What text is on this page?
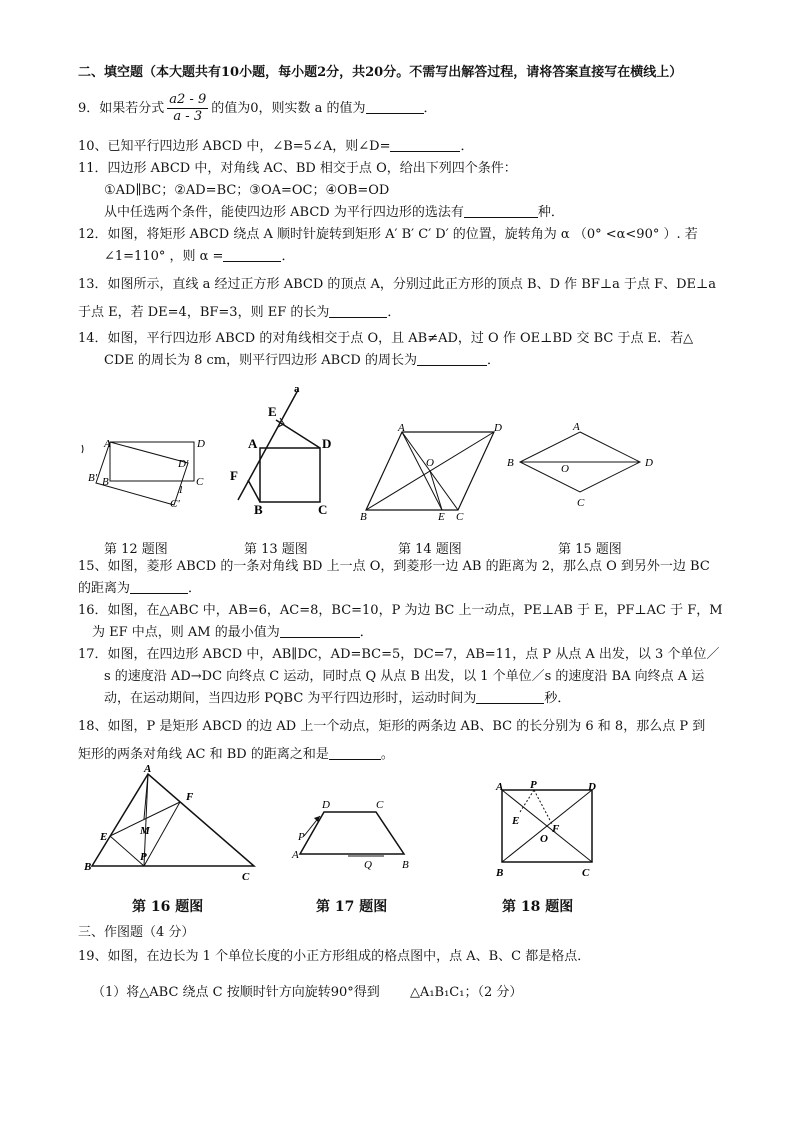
二、填空题（本大题共有10小题，每小题2分，共20分。不需写出解答过程，请将答案直接写在横线上）
9．如果若分式 $\frac{a2 - 9}{a - 3}$ 的值为0，则实数 a 的值为	．
10、已知平行四边形 ABCD 中，∠B=5∠A，则∠D=	．
11．四边形 ABCD 中，对角线 AC、BD 相交于点 O，给出下列四个条件：
①AD∥BC；②AD=BC；③OA=OC；④OB=OD
从中任选两个条件，能使四边形 ABCD 为平行四边形的选法有	种．
12．如图，将矩形 ABCD 绕点 A 顺时针旋转到矩形 A′ B′ C′ D′ 的位置，旋转角为 α （0° <α<90° ）. 若
∠1=110° ，则 α =	．
13．如图所示，直线 a 经过正方形 ABCD 的顶点 A，分别过此正方形的顶点 B、D 作 BF⊥a 于点 F、DE⊥a
于点 E，若 DE=4，BF=3，则 EF 的长为	．
14．如图，平行四边形 ABCD 的对角线相交于点 O，且 AB≠AD，过 O 作 OE⊥BD 交 BC 于点 E．若△
CDE 的周长为 8 cm，则平行四边形 ABCD 的周长为	．
A	D
D'
B' B	C
C'
1
a
E
A	D
F
B	C
A	D
O
B	E C
A
B	O	D
C
第 12 题图	第 13 题图	第 14 题图	第 15 题图
15、如图，菱形 ABCD 的一条对角线 BD 上一点 O，到菱形一边 AB 的距离为 2，那么点 O 到另外一边 BC
的距离为	．
16．如图，在△ABC 中，AB=6，AC=8，BC=10，P 为边 BC 上一动点，PE⊥AB 于 E，PF⊥AC 于 F，M
为 EF 中点，则 AM 的最小值为	．
17．如图，在四边形 ABCD 中，AB∥DC，AD=BC=5，DC=7，AB=11，点 P 从点 A 出发，以 3 个单位／
s 的速度沿 AD→DC 向终点 C 运动，同时点 Q 从点 B 出发，以 1 个单位／s 的速度沿 BA 向终点 A 运
动，在运动期间，当四边形 PQBC 为平行四边形时，运动时间为	秒．
18、如图，P 是矩形 ABCD 的边 AD 上一个动点，矩形的两条边 AB、BC 的长分别为 6 和 8，那么点 P 到
矩形的两条对角线 AC 和 BD 的距离之和是	。
A
F
E	M
B
P
C
D	C
P
A
Q	B
A P	D
E
F
O
B	C
第 16 题图	第 17 题图	第 18 题图
三、作图题（4 分）
19、如图，在边长为 1 个单位长度的小正方形组成的格点图中，点 A、B、C 都是格点．
（1）将△ABC 绕点 C 按顺时针方向旋转90°得到 △A₁B₁C₁；（2 分）
